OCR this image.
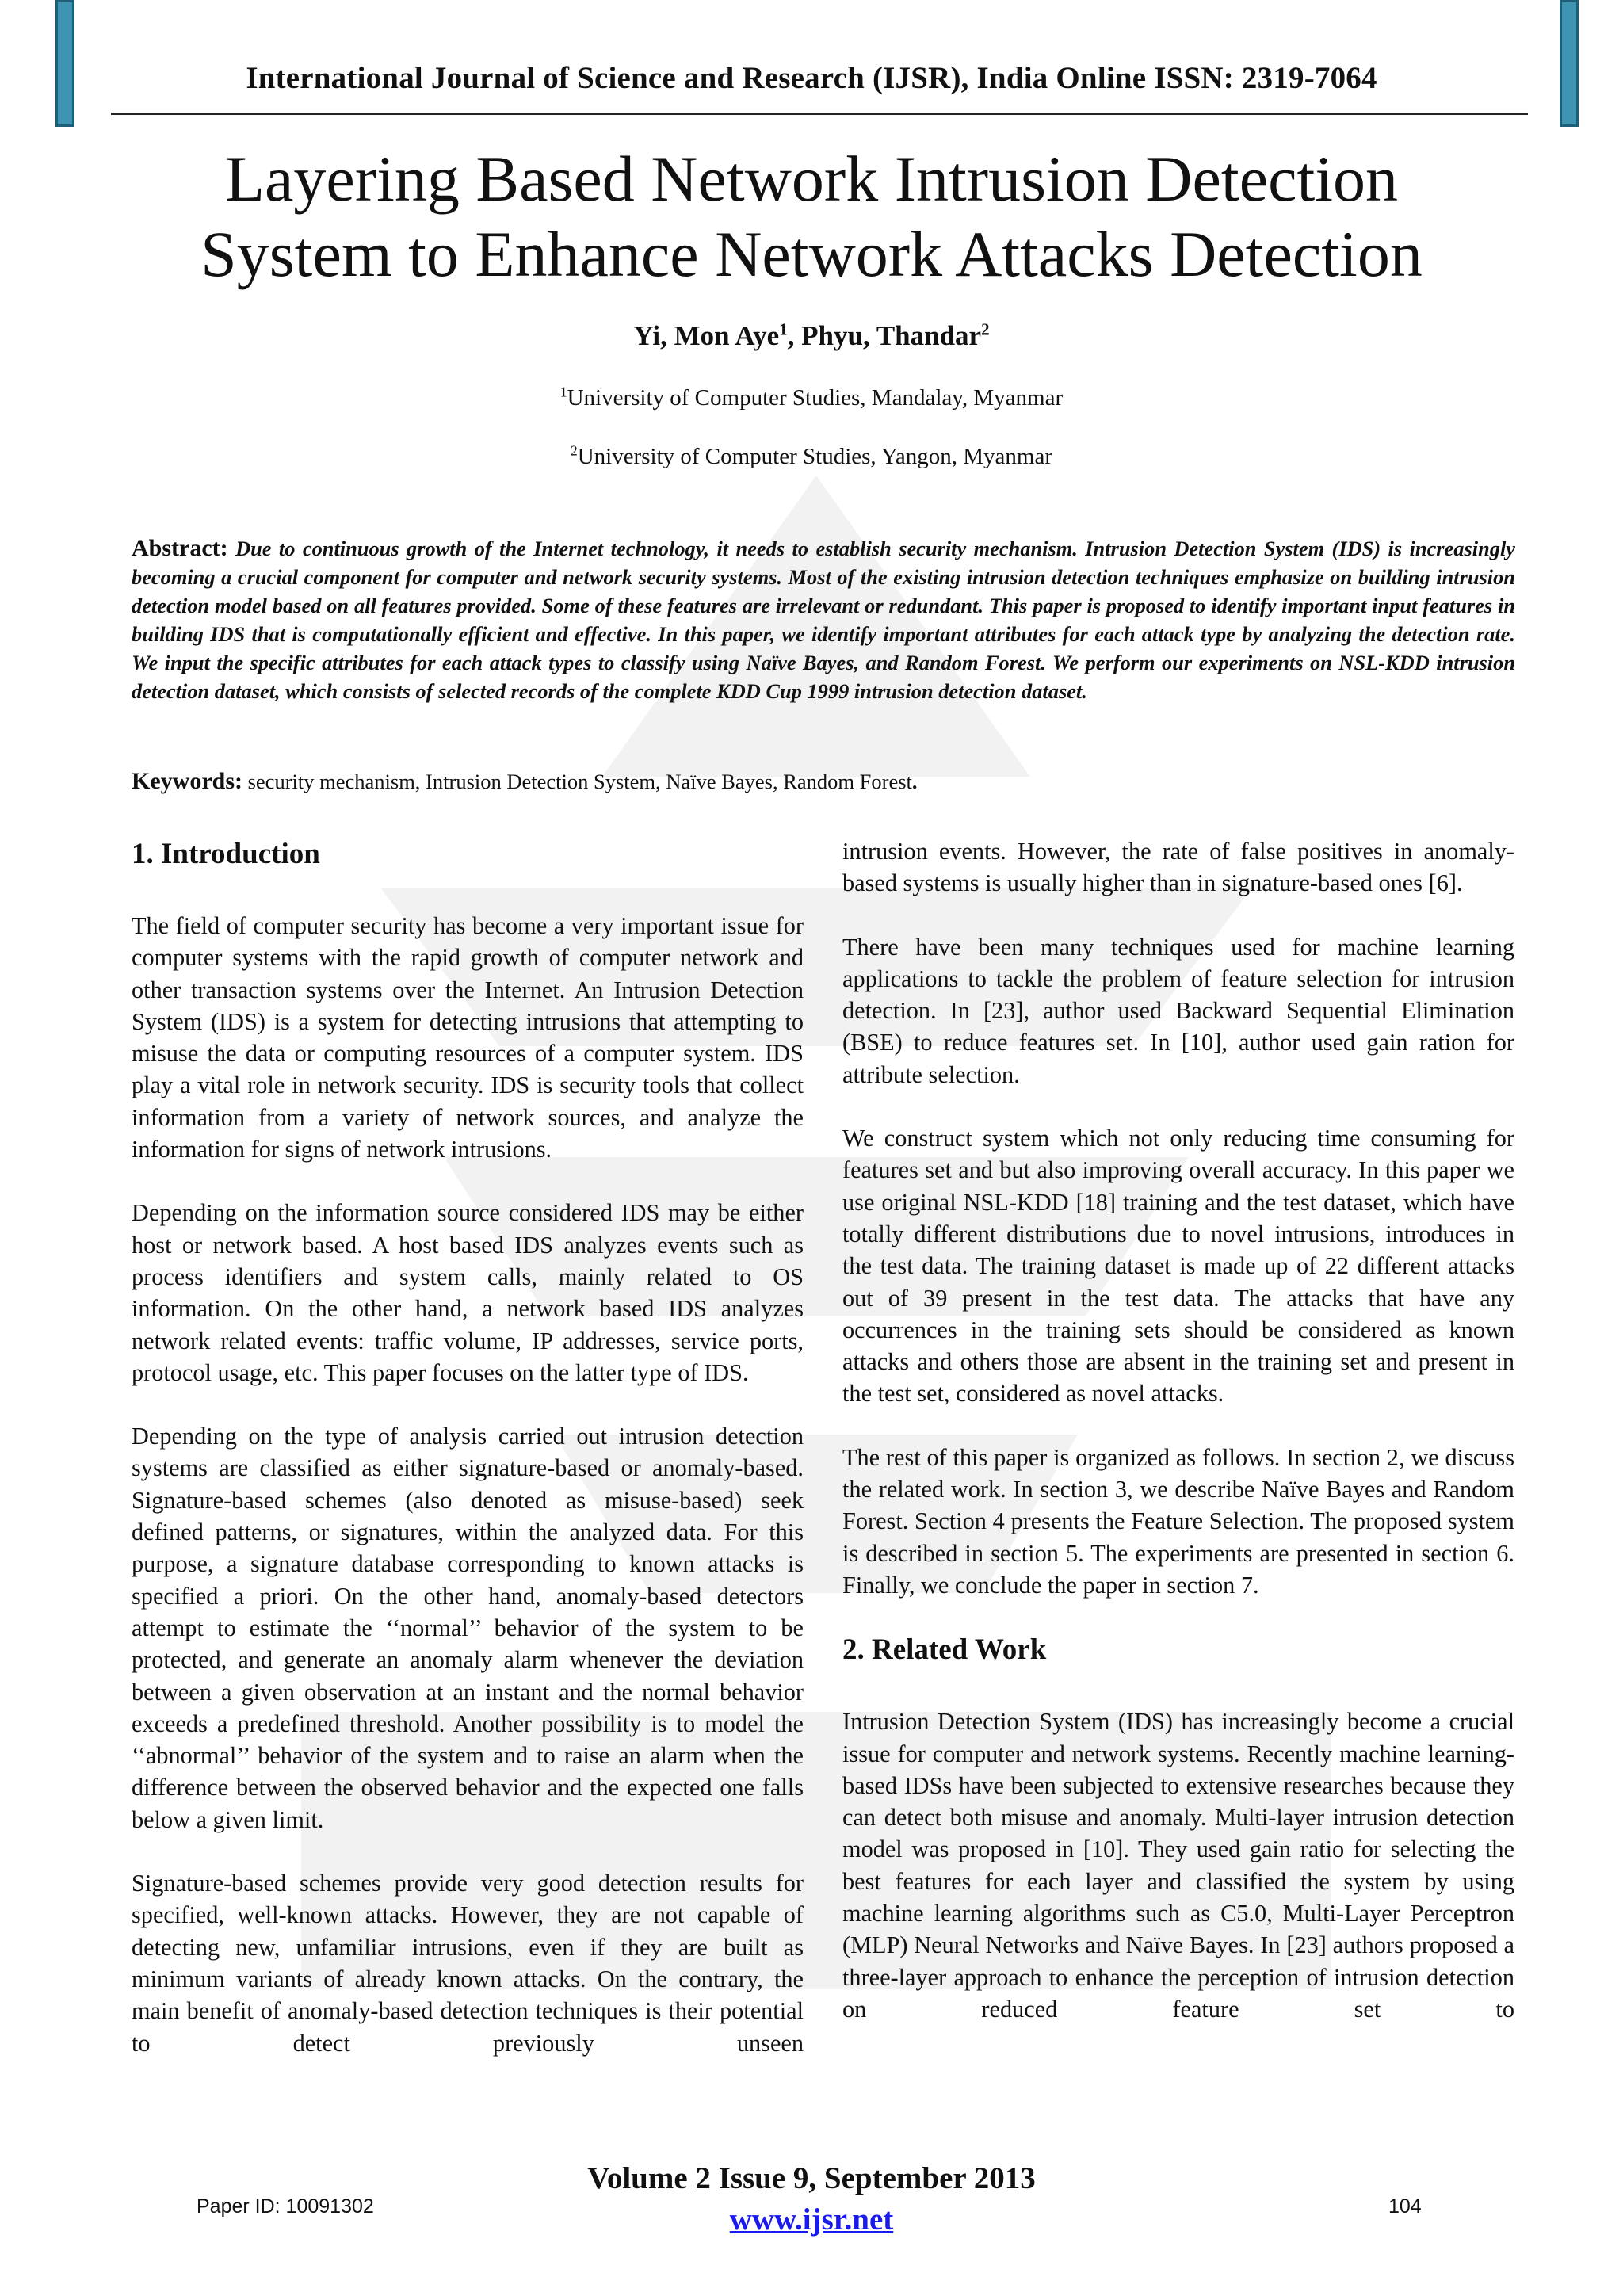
International Journal of Science and Research (IJSR), India Online ISSN: 2319-7064
Layering Based Network Intrusion Detection
System to Enhance Network Attacks Detection
Yi, Mon Aye$^1$, Phyu, Thandar$^2$
$^1$University of Computer Studies, Mandalay, Myanmar
$^2$University of Computer Studies, Yangon, Myanmar
Abstract: Due to continuous growth of the Internet technology, it needs to establish security mechanism. Intrusion Detection System (IDS) is increasingly becoming a crucial component for computer and network security systems. Most of the existing intrusion detection techniques emphasize on building intrusion detection model based on all features provided. Some of these features are irrelevant or redundant. This paper is proposed to identify important input features in building IDS that is computationally efficient and effective. In this paper, we identify important attributes for each attack type by analyzing the detection rate. We input the specific attributes for each attack types to classify using Naïve Bayes, and Random Forest. We perform our experiments on NSL-KDD intrusion detection dataset, which consists of selected records of the complete KDD Cup 1999 intrusion detection dataset.
Keywords: security mechanism, Intrusion Detection System, Naïve Bayes, Random Forest.
1. Introduction

The field of computer security has become a very important issue for computer systems with the rapid growth of computer network and other transaction systems over the Internet. An Intrusion Detection System (IDS) is a system for detecting intrusions that attempting to misuse the data or computing resources of a computer system. IDS play a vital role in network security. IDS is security tools that collect information from a variety of network sources, and analyze the information for signs of network intrusions.

Depending on the information source considered IDS may be either host or network based. A host based IDS analyzes events such as process identifiers and system calls, mainly related to OS information. On the other hand, a network based IDS analyzes network related events: traffic volume, IP addresses, service ports, protocol usage, etc. This paper focuses on the latter type of IDS.

Depending on the type of analysis carried out intrusion detection systems are classified as either signature-based or anomaly-based. Signature-based schemes (also denoted as misuse-based) seek defined patterns, or signatures, within the analyzed data. For this purpose, a signature database corresponding to known attacks is specified a priori. On the other hand, anomaly-based detectors attempt to estimate the ‘‘normal’’ behavior of the system to be protected, and generate an anomaly alarm whenever the deviation between a given observation at an instant and the normal behavior exceeds a predefined threshold. Another possibility is to model the ‘‘abnormal’’ behavior of the system and to raise an alarm when the difference between the observed behavior and the expected one falls below a given limit.

Signature-based schemes provide very good detection results for specified, well-known attacks. However, they are not capable of detecting new, unfamiliar intrusions, even if they are built as minimum variants of already known attacks. On the contrary, the main benefit of anomaly-based detection techniques is their potential to detect previously unseen

intrusion events. However, the rate of false positives in anomaly-based systems is usually higher than in signature-based ones [6].

There have been many techniques used for machine learning applications to tackle the problem of feature selection for intrusion detection. In [23], author used Backward Sequential Elimination (BSE) to reduce features set. In [10], author used gain ration for attribute selection.

We construct system which not only reducing time consuming for features set and but also improving overall accuracy. In this paper we use original NSL-KDD [18] training and the test dataset, which have totally different distributions due to novel intrusions, introduces in the test data. The training dataset is made up of 22 different attacks out of 39 present in the test data. The attacks that have any occurrences in the training sets should be considered as known attacks and others those are absent in the training set and present in the test set, considered as novel attacks.

The rest of this paper is organized as follows. In section 2, we discuss the related work. In section 3, we describe Naïve Bayes and Random Forest. Section 4 presents the Feature Selection. The proposed system is described in section 5. The experiments are presented in section 6. Finally, we conclude the paper in section 7.

2. Related Work

Intrusion Detection System (IDS) has increasingly become a crucial issue for computer and network systems. Recently machine learning-based IDSs have been subjected to extensive researches because they can detect both misuse and anomaly. Multi-layer intrusion detection model was proposed in [10]. They used gain ratio for selecting the best features for each layer and classified the system by using machine learning algorithms such as C5.0, Multi-Layer Perceptron (MLP) Neural Networks and Naïve Bayes. In [23] authors proposed a three-layer approach to enhance the perception of intrusion detection on reduced feature set to

Volume 2 Issue 9, September 2013
www.ijsr.net
Paper ID: 10091302	104
